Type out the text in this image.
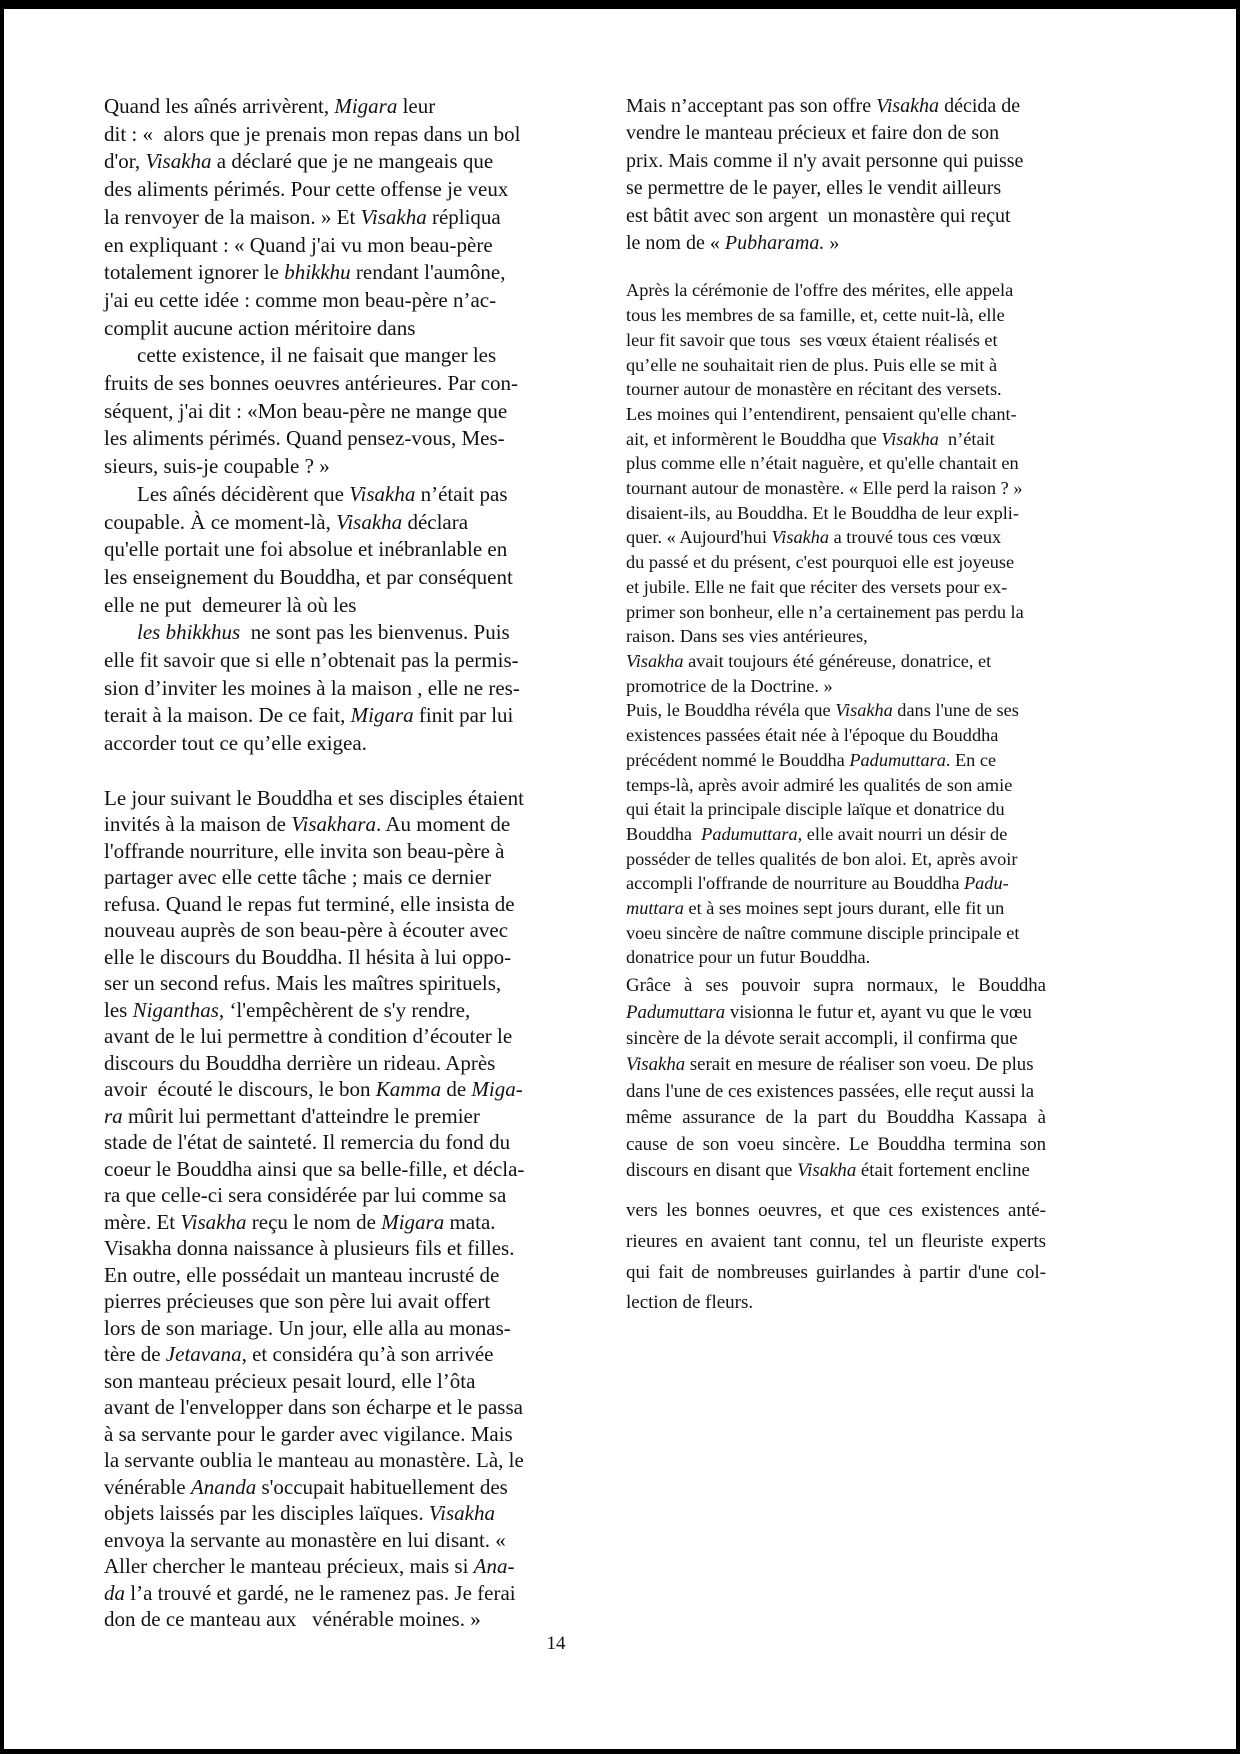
Quand les aînés arrivèrent, Migara leur
dit : «  alors que je prenais mon repas dans un bol
d'or, Visakha a déclaré que je ne mangeais que
des aliments périmés. Pour cette offense je veux
la renvoyer de la maison. » Et Visakha répliqua
en expliquant : « Quand j'ai vu mon beau-père
totalement ignorer le bhikkhu rendant l'aumône,
j'ai eu cette idée : comme mon beau-père n’ac-
complit aucune action méritoire dans
cette existence, il ne faisait que manger les
fruits de ses bonnes oeuvres antérieures. Par con-
séquent, j'ai dit : «Mon beau-père ne mange que
les aliments périmés. Quand pensez-vous, Mes-
sieurs, suis-je coupable ? »
Les aînés décidèrent que Visakha n’était pas
coupable. À ce moment-là, Visakha déclara
qu'elle portait une foi absolue et inébranlable en
les enseignement du Bouddha, et par conséquent
elle ne put  demeurer là où les
les bhikkhus  ne sont pas les bienvenus. Puis
elle fit savoir que si elle n’obtenait pas la permis-
sion d’inviter les moines à la maison , elle ne res-
terait à la maison. De ce fait, Migara finit par lui
accorder tout ce qu’elle exigea.
Le jour suivant le Bouddha et ses disciples étaient
invités à la maison de Visakhara. Au moment de
l'offrande nourriture, elle invita son beau-père à
partager avec elle cette tâche ; mais ce dernier
refusa. Quand le repas fut terminé, elle insista de
nouveau auprès de son beau-père à écouter avec
elle le discours du Bouddha. Il hésita à lui oppo-
ser un second refus. Mais les maîtres spirituels,
les Niganthas, ‘l'empêchèrent de s'y rendre,
avant de le lui permettre à condition d’écouter le
discours du Bouddha derrière un rideau. Après
avoir  écouté le discours, le bon Kamma de Miga-
ra mûrit lui permettant d'atteindre le premier
stade de l'état de sainteté. Il remercia du fond du
coeur le Bouddha ainsi que sa belle-fille, et décla-
ra que celle-ci sera considérée par lui comme sa
mère. Et Visakha reçu le nom de Migara mata.
Visakha donna naissance à plusieurs fils et filles.
En outre, elle possédait un manteau incrusté de
pierres précieuses que son père lui avait offert
lors de son mariage. Un jour, elle alla au monas-
tère de Jetavana, et considéra qu’à son arrivée
son manteau précieux pesait lourd, elle l’ôta
avant de l'envelopper dans son écharpe et le passa
à sa servante pour le garder avec vigilance. Mais
la servante oublia le manteau au monastère. Là, le
vénérable Ananda s'occupait habituellement des
objets laissés par les disciples laïques. Visakha
envoya la servante au monastère en lui disant. «
Aller chercher le manteau précieux, mais si Ana-
da l’a trouvé et gardé, ne le ramenez pas. Je ferai
don de ce manteau aux   vénérable moines. »
Mais n’acceptant pas son offre Visakha décida de
vendre le manteau précieux et faire don de son
prix. Mais comme il n'y avait personne qui puisse
se permettre de le payer, elles le vendit ailleurs
est bâtit avec son argent  un monastère qui reçut
le nom de « Pubharama. »
Après la cérémonie de l'offre des mérites, elle appela
tous les membres de sa famille, et, cette nuit-là, elle
leur fit savoir que tous  ses vœux étaient réalisés et
qu’elle ne souhaitait rien de plus. Puis elle se mit à
tourner autour de monastère en récitant des versets.
Les moines qui l’entendirent, pensaient qu'elle chant-
ait, et informèrent le Bouddha que Visakha  n’était
plus comme elle n’était naguère, et qu'elle chantait en
tournant autour de monastère. « Elle perd la raison ? »
disaient-ils, au Bouddha. Et le Bouddha de leur expli-
quer. « Aujourd'hui Visakha a trouvé tous ces vœux
du passé et du présent, c'est pourquoi elle est joyeuse
et jubile. Elle ne fait que réciter des versets pour ex-
primer son bonheur, elle n’a certainement pas perdu la
raison. Dans ses vies antérieures,
Visakha avait toujours été généreuse, donatrice, et
promotrice de la Doctrine. »
Puis, le Bouddha révéla que Visakha dans l'une de ses
existences passées était née à l'époque du Bouddha
précédent nommé le Bouddha Padumuttara. En ce
temps-là, après avoir admiré les qualités de son amie
qui était la principale disciple laïque et donatrice du
Bouddha  Padumuttara, elle avait nourri un désir de
posséder de telles qualités de bon aloi. Et, après avoir
accompli l'offrande de nourriture au Bouddha Padu-
muttara et à ses moines sept jours durant, elle fit un
voeu sincère de naître commune disciple principale et
donatrice pour un futur Bouddha.
Grâce à ses pouvoir supra normaux, le Bouddha
Padumuttara visionna le futur et, ayant vu que le vœu
sincère de la dévote serait accompli, il confirma que
Visakha serait en mesure de réaliser son voeu. De plus
dans l'une de ces existences passées, elle reçut aussi la
même assurance de la part du Bouddha Kassapa à
cause de son voeu sincère. Le Bouddha termina son
discours en disant que Visakha était fortement encline
vers les bonnes oeuvres, et que ces existences anté-
rieures en avaient tant connu, tel un fleuriste experts
qui fait de nombreuses guirlandes à partir d'une col-
lection de fleurs.
14
